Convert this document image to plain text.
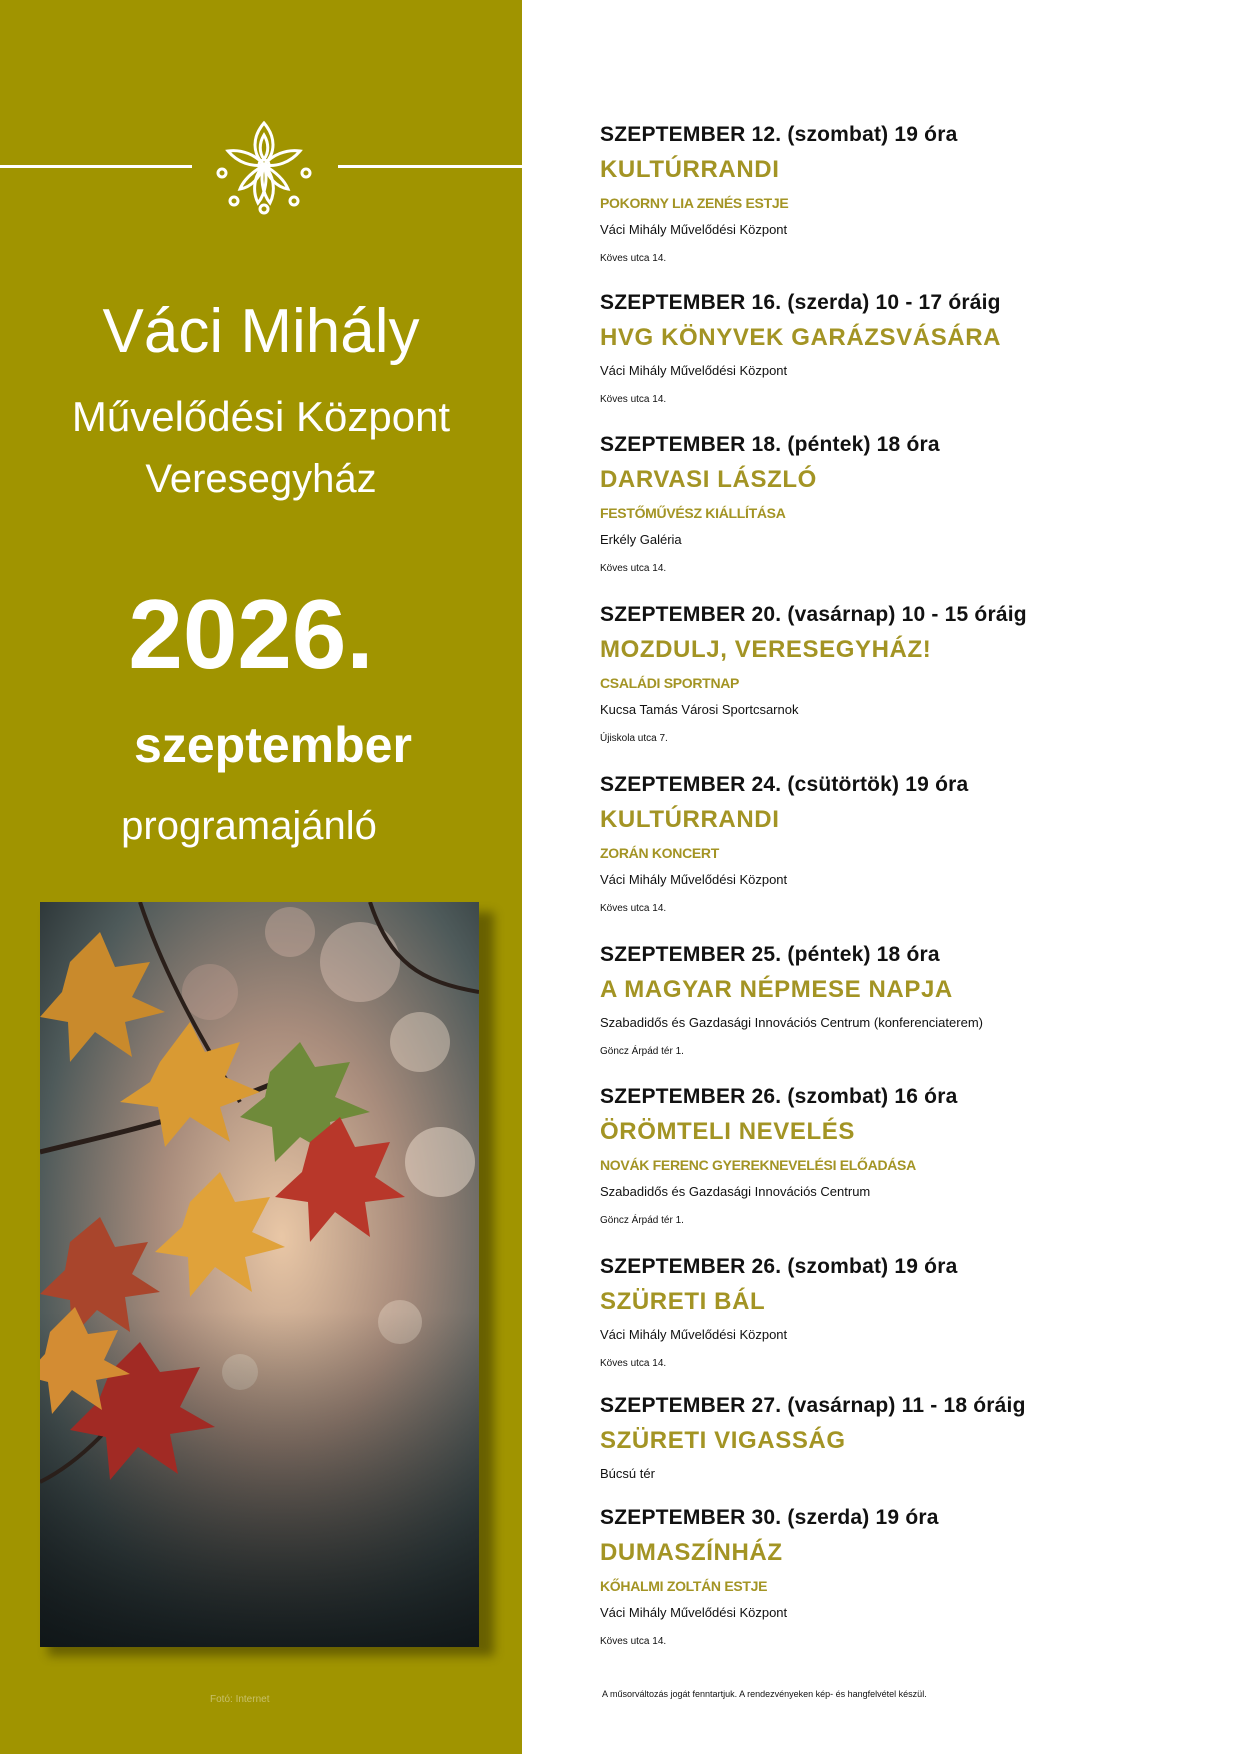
Váci Mihály
Művelődési Központ
Veresegyház
2026.
szeptember
programajánló
Fotó: Internet
SZEPTEMBER 12. (szombat) 19 óra
KULTÚRRANDI
POKORNY LIA ZENÉS ESTJE
Váci Mihály Művelődési Központ
Köves utca 14.
SZEPTEMBER 16. (szerda) 10 - 17 óráig
HVG KÖNYVEK GARÁZSVÁSÁRA
Váci Mihály Művelődési Központ
Köves utca 14.
SZEPTEMBER 18. (péntek) 18 óra
DARVASI LÁSZLÓ
FESTŐMŰVÉSZ KIÁLLÍTÁSA
Erkély Galéria
Köves utca 14.
SZEPTEMBER 20. (vasárnap) 10 - 15 óráig
MOZDULJ, VERESEGYHÁZ!
CSALÁDI SPORTNAP
Kucsa Tamás Városi Sportcsarnok
Újiskola utca 7.
SZEPTEMBER 24. (csütörtök) 19 óra
KULTÚRRANDI
ZORÁN KONCERT
Váci Mihály Művelődési Központ
Köves utca 14.
SZEPTEMBER 25. (péntek) 18 óra
A MAGYAR NÉPMESE NAPJA
Szabadidős és Gazdasági Innovációs Centrum (konferenciaterem)
Göncz Árpád tér 1.
SZEPTEMBER 26. (szombat) 16 óra
ÖRÖMTELI NEVELÉS
NOVÁK FERENC GYEREKNEVELÉSI ELŐADÁSA
Szabadidős és Gazdasági Innovációs Centrum
Göncz Árpád tér 1.
SZEPTEMBER 26. (szombat) 19 óra
SZÜRETI BÁL
Váci Mihály Művelődési Központ
Köves utca 14.
SZEPTEMBER 27. (vasárnap) 11 - 18 óráig
SZÜRETI VIGASSÁG
Búcsú tér
SZEPTEMBER 30. (szerda) 19 óra
DUMASZÍNHÁZ
KŐHALMI ZOLTÁN ESTJE
Váci Mihály Művelődési Központ
Köves utca 14.
A műsorváltozás jogát fenntartjuk. A rendezvényeken kép- és hangfelvétel készül.
